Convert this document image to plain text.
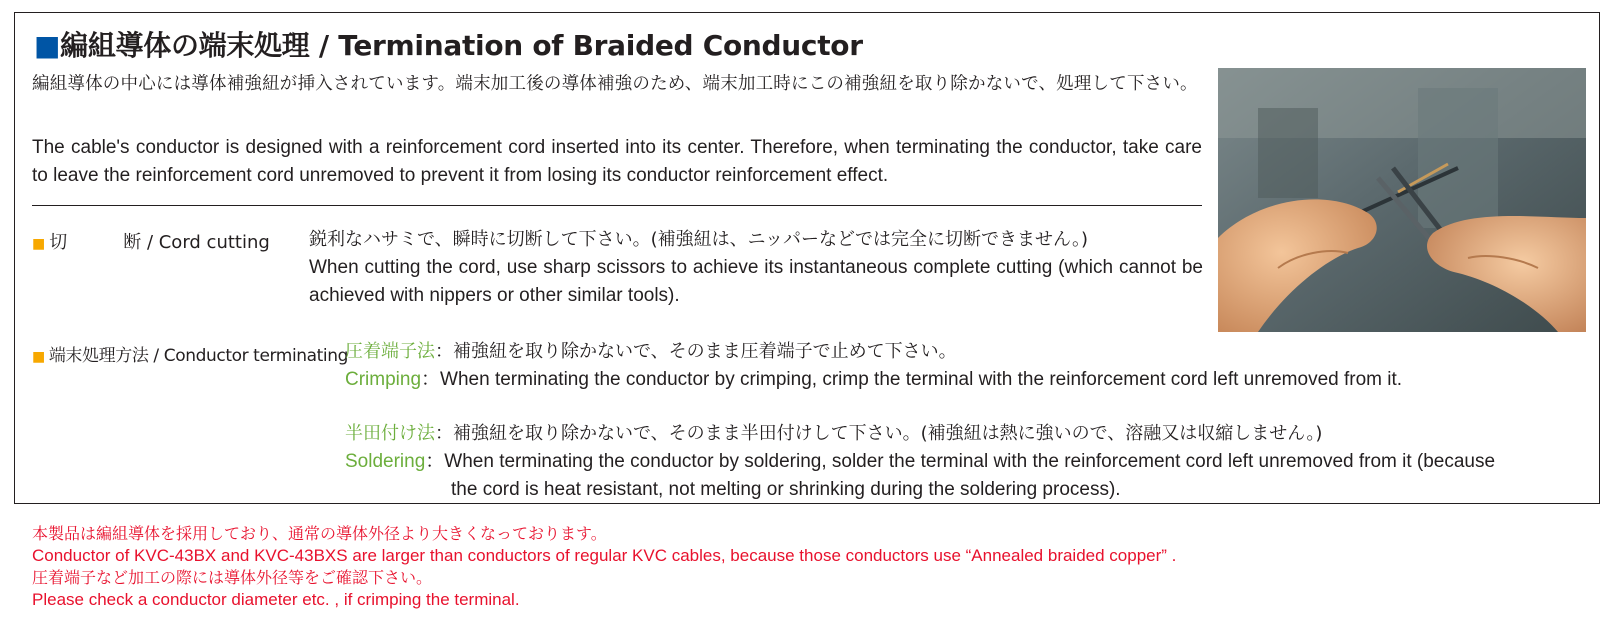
■編組導体の端末処理 / Termination of Braided Conductor
編組導体の中心には導体補強紐が挿入されています。端末加工後の導体補強のため、端末加工時にこの補強紐を取り除かないで、処理して下さい。
The cable's conductor is designed with a reinforcement cord inserted into its center. Therefore, when terminating the conductor, take care to leave the reinforcement cord unremoved to prevent it from losing its conductor reinforcement effect.
■ 切	断 / Cord cutting 鋭利なハサミで、瞬時に切断して下さい。(補強紐は、ニッパーなどでは完全に切断できません。)
When cutting the cord, use sharp scissors to achieve its instantaneous complete cutting (which cannot be achieved with nippers or other similar tools).
■ 端末処理方法 / Conductor terminating
圧着端子法：補強紐を取り除かないで、そのまま圧着端子で止めて下さい。
Crimping：When terminating the conductor by crimping, crimp the terminal with the reinforcement cord left unremoved from it.
半田付け法：補強紐を取り除かないで、そのまま半田付けして下さい。(補強紐は熱に強いので、溶融又は収縮しません。)
Soldering：When terminating the conductor by soldering, solder the terminal with the reinforcement cord left unremoved from it (because
the cord is heat resistant, not melting or shrinking during the soldering process).
本製品は編組導体を採用しており、通常の導体外径より大きくなっております。
Conductor of KVC-43BX and KVC-43BXS are larger than conductors of regular KVC cables, because those conductors use “Annealed braided copper” .
圧着端子など加工の際には導体外径等をご確認下さい。
Please check a conductor diameter etc. , if crimping the terminal.
